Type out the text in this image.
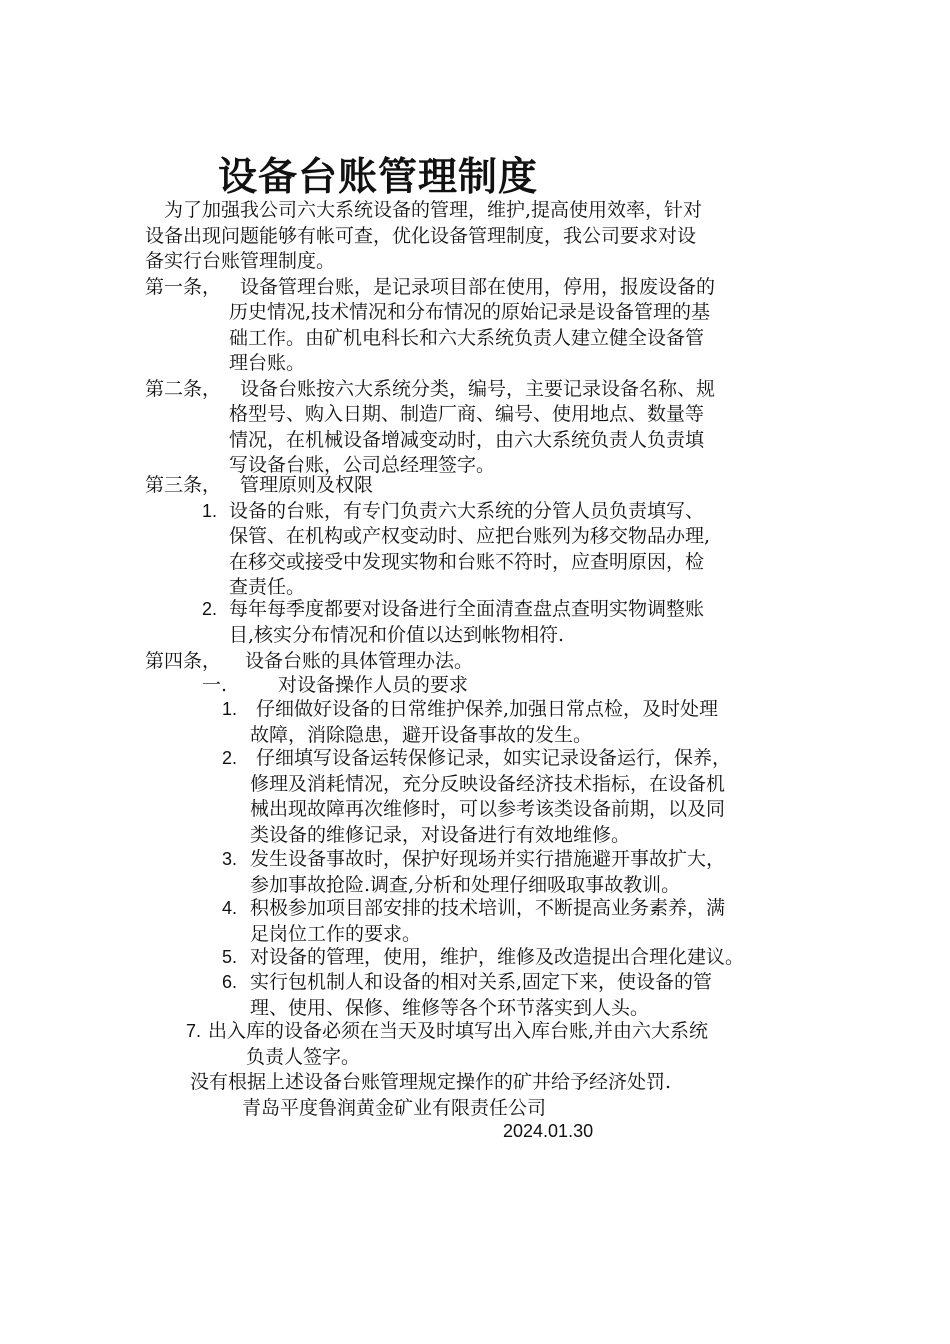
设备台账管理制度
为了加强我公司六大系统设备的管理，维护,提高使用效率，针对
设备出现问题能够有帐可查，优化设备管理制度，我公司要求对设
备实行台账管理制度。
第一条， 设备管理台账，是记录项目部在使用，停用，报废设备的
历史情况,技术情况和分布情况的原始记录是设备管理的基
础工作。由矿机电科长和六大系统负责人建立健全设备管
理台账。
第二条， 设备台账按六大系统分类，编号，主要记录设备名称、规
格型号、购入日期、制造厂商、编号、使用地点、数量等
情况，在机械设备增减变动时，由六大系统负责人负责填
写设备台账，公司总经理签字。
第三条， 管理原则及权限
1. 设备的台账，有专门负责六大系统的分管人员负责填写、
保管、在机构或产权变动时、应把台账列为移交物品办理,
在移交或接受中发现实物和台账不符时，应查明原因，检
查责任。
2. 每年每季度都要对设备进行全面清查盘点查明实物调整账
目,核实分布情况和价值以达到帐物相符.
第四条， 设备台账的具体管理办法。
一.	对设备操作人员的要求
1. 仔细做好设备的日常维护保养,加强日常点检，及时处理
故障，消除隐患，避开设备事故的发生。
2. 仔细填写设备运转保修记录，如实记录设备运行，保养，
修理及消耗情况，充分反映设备经济技术指标，在设备机
械出现故障再次维修时，可以参考该类设备前期，以及同
类设备的维修记录，对设备进行有效地维修。
3. 发生设备事故时，保护好现场并实行措施避开事故扩大，
参加事故抢险.调查,分析和处理仔细吸取事故教训。
4. 积极参加项目部安排的技术培训，不断提高业务素养，满
足岗位工作的要求。
5. 对设备的管理，使用，维护，维修及改造提出合理化建议。
6. 实行包机制人和设备的相对关系,固定下来，使设备的管
理、使用、保修、维修等各个环节落实到人头。
7. 出入库的设备必须在当天及时填写出入库台账,并由六大系统
负责人签字。
没有根据上述设备台账管理规定操作的矿井给予经济处罚.
青岛平度鲁润黄金矿业有限责任公司
2024.01.30
